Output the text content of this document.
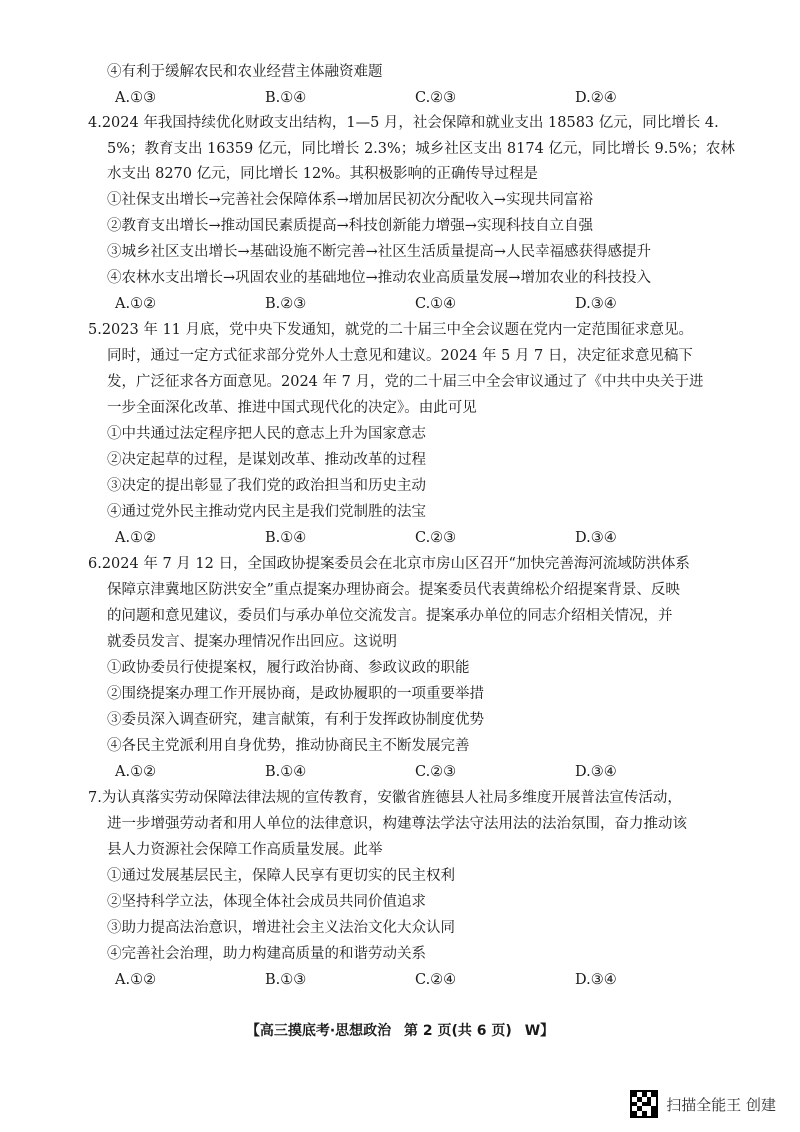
④有利于缓解农民和农业经营主体融资难题
4.2024 年我国持续优化财政支出结构，1—5 月，社会保障和就业支出 18583 亿元，同比增长 4.
5%；教育支出 16359 亿元，同比增长 2.3%；城乡社区支出 8174 亿元，同比增长 9.5%；农林
水支出 8270 亿元，同比增长 12%。其积极影响的正确传导过程是
①社保支出增长→完善社会保障体系→增加居民初次分配收入→实现共同富裕
②教育支出增长→推动国民素质提高→科技创新能力增强→实现科技自立自强
③城乡社区支出增长→基础设施不断完善→社区生活质量提高→人民幸福感获得感提升
④农林水支出增长→巩固农业的基础地位→推动农业高质量发展→增加农业的科技投入
5.2023 年 11 月底，党中央下发通知，就党的二十届三中全会议题在党内一定范围征求意见。
同时，通过一定方式征求部分党外人士意见和建议。2024 年 5 月 7 日，决定征求意见稿下
发，广泛征求各方面意见。2024 年 7 月，党的二十届三中全会审议通过了《中共中央关于进
一步全面深化改革、推进中国式现代化的决定》。由此可见
①中共通过法定程序把人民的意志上升为国家意志
②决定起草的过程，是谋划改革、推动改革的过程
③决定的提出彰显了我们党的政治担当和历史主动
④通过党外民主推动党内民主是我们党制胜的法宝
6.2024 年 7 月 12 日，全国政协提案委员会在北京市房山区召开“加快完善海河流域防洪体系
保障京津冀地区防洪安全”重点提案办理协商会。提案委员代表黄绵松介绍提案背景、反映
的问题和意见建议，委员们与承办单位交流发言。提案承办单位的同志介绍相关情况，并
就委员发言、提案办理情况作出回应。这说明
①政协委员行使提案权，履行政治协商、参政议政的职能
②围绕提案办理工作开展协商，是政协履职的一项重要举措
③委员深入调查研究，建言献策，有利于发挥政协制度优势
④各民主党派利用自身优势，推动协商民主不断发展完善
7.为认真落实劳动保障法律法规的宣传教育，安徽省旌德县人社局多维度开展普法宣传活动，
进一步增强劳动者和用人单位的法律意识，构建尊法学法守法用法的法治氛围，奋力推动该
县人力资源社会保障工作高质量发展。此举
①通过发展基层民主，保障人民享有更切实的民主权利
②坚持科学立法，体现全体社会成员共同价值追求
③助力提高法治意识，增进社会主义法治文化大众认同
④完善社会治理，助力构建高质量的和谐劳动关系
A.①③	B.①④	C.②③	D.②④
A.①②	B.②③	C.①④	D.③④
A.①②	B.①④	C.②③	D.③④
A.①②	B.①④	C.②③	D.③④
A.①②	B.①③	C.②④	D.③④
【高三摸底考·思想政治 第 2 页(共 6 页) W】
扫描全能王 创建
